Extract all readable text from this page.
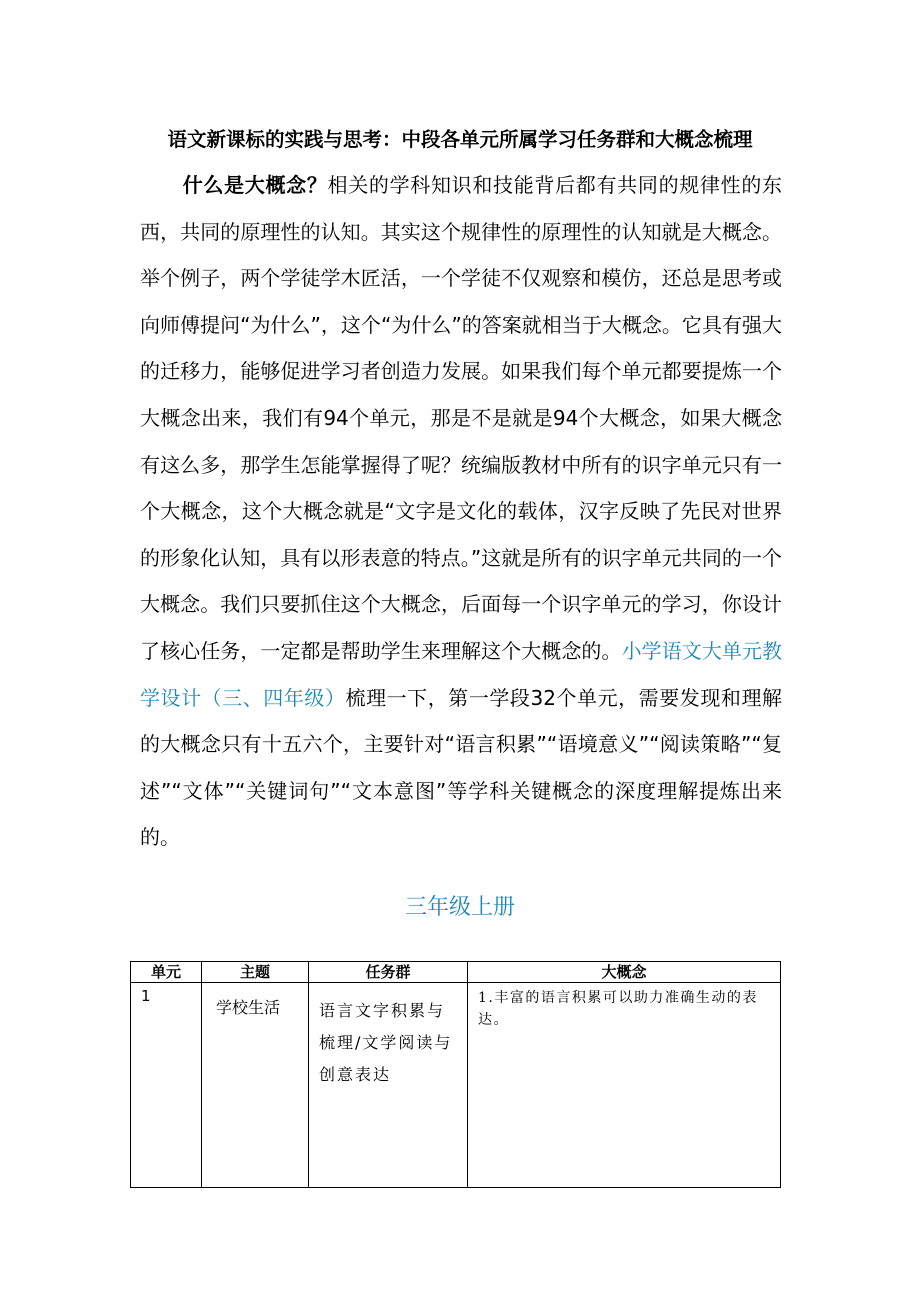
语文新课标的实践与思考：中段各单元所属学习任务群和大概念梳理
什么是大概念？相关的学科知识和技能背后都有共同的规律性的东西，共同的原理性的认知。其实这个规律性的原理性的认知就是大概念。举个例子，两个学徒学木匠活，一个学徒不仅观察和模仿，还总是思考或向师傅提问“为什么”，这个“为什么”的答案就相当于大概念。它具有强大的迁移力，能够促进学习者创造力发展。如果我们每个单元都要提炼一个大概念出来，我们有94个单元，那是不是就是94个大概念，如果大概念有这么多，那学生怎能掌握得了呢？统编版教材中所有的识字单元只有一个大概念，这个大概念就是“文字是文化的载体，汉字反映了先民对世界的形象化认知，具有以形表意的特点。”这就是所有的识字单元共同的一个大概念。我们只要抓住这个大概念，后面每一个识字单元的学习，你设计了核心任务，一定都是帮助学生来理解这个大概念的。小学语文大单元教学设计（三、四年级）梳理一下，第一学段32个单元，需要发现和理解的大概念只有十五六个，主要针对“语言积累”“语境意义”“阅读策略”“复述”“文体”“关键词句”“文本意图”等学科关键概念的深度理解提炼出来的。
三年级上册
单元	主题	任务群	大概念
1	学校生活	语言文字积累与梳理/文学阅读与创意表达	1.丰富的语言积累可以助力准确生动的表达。
